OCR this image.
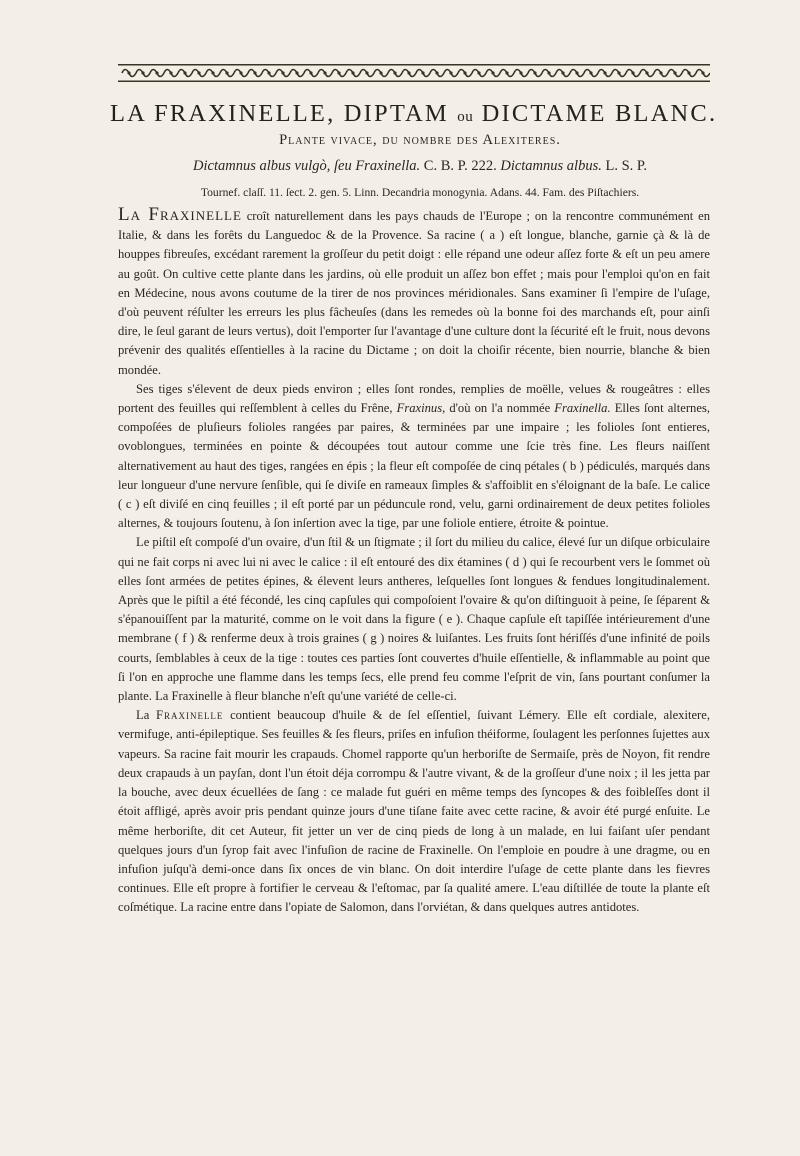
LA FRAXINELLE, DIPTAM ou DICTAME BLANC.
Plante vivace, du nombre des Alexiteres.
Dictamnus albus vulgò, ſeu Fraxinella. C. B. P. 222. Dictamnus albus. L. S. P.
Tournef. claſſ. 11. ſect. 2. gen. 5. Linn. Decandria monogynia. Adans. 44. Fam. des Piſtachiers.

La Fraxinelle croît naturellement dans les pays chauds de l'Europe ; on la rencontre communément en Italie, & dans les forêts du Languedoc & de la Provence. Sa racine ( a ) eſt longue, blanche, garnie çà & là de houppes fibreuſes, excédant rarement la groſſeur du petit doigt : elle répand une odeur aſſez forte & eſt un peu amere au goût. On cultive cette plante dans les jardins, où elle produit un aſſez bon effet ; mais pour l'emploi qu'on en fait en Médecine, nous avons coutume de la tirer de nos provinces méridionales. Sans examiner ſi l'empire de l'uſage, d'où peuvent réſulter les erreurs les plus fâcheuſes (dans les remedes où la bonne foi des marchands eſt, pour ainſi dire, le ſeul garant de leurs vertus), doit l'emporter ſur l'avantage d'une culture dont la ſécurité eſt le fruit, nous devons prévenir des qualités eſſentielles à la racine du Dictame ; on doit la choiſir récente, bien nourrie, blanche & bien mondée.

Ses tiges s'élevent de deux pieds environ ; elles ſont rondes, remplies de moëlle, velues & rougeâtres : elles portent des feuilles qui reſſemblent à celles du Frêne, Fraxinus, d'où on l'a nommée Fraxinella. Elles ſont alternes, compoſées de pluſieurs folioles rangées par paires, & terminées par une impaire ; les folioles ſont entieres, ovoblongues, terminées en pointe & découpées tout autour comme une ſcie très fine. Les fleurs naiſſent alternativement au haut des tiges, rangées en épis ; la fleur eſt compoſée de cinq pétales ( b ) pédiculés, marqués dans leur longueur d'une nervure ſenſible, qui ſe diviſe en rameaux ſimples & s'affoiblit en s'éloignant de la baſe. Le calice ( c ) eſt diviſé en cinq feuilles ; il eſt porté par un péduncule rond, velu, garni ordinairement de deux petites folioles alternes, & toujours ſoutenu, à ſon inſertion avec la tige, par une foliole entiere, étroite & pointue.

Le piſtil eſt compoſé d'un ovaire, d'un ſtil & un ſtigmate ; il ſort du milieu du calice, élevé ſur un diſque orbiculaire qui ne fait corps ni avec lui ni avec le calice : il eſt entouré des dix étamines ( d ) qui ſe recourbent vers le ſommet où elles ſont armées de petites épines, & élevent leurs antheres, leſquelles ſont longues & fendues longitudinalement. Après que le piſtil a été fécondé, les cinq capſules qui compoſoient l'ovaire & qu'on diſtinguoit à peine, ſe ſéparent & s'épanouiſſent par la maturité, comme on le voit dans la figure ( e ). Chaque capſule eſt tapiſſée intérieurement d'une membrane ( f ) & renferme deux à trois graines ( g ) noires & luiſantes. Les fruits ſont hériſſés d'une infinité de poils courts, ſemblables à ceux de la tige : toutes ces parties ſont couvertes d'huile eſſentielle, & inflammable au point que ſi l'on en approche une flamme dans les temps ſecs, elle prend feu comme l'eſprit de vin, ſans pourtant conſumer la plante. La Fraxinelle à fleur blanche n'eſt qu'une variété de celle-ci.

La Fraxinelle contient beaucoup d'huile & de ſel eſſentiel, ſuivant Lémery. Elle eſt cordiale, alexitere, vermifuge, anti-épileptique. Ses feuilles & ſes fleurs, priſes en infuſion théiforme, ſoulagent les perſonnes ſujettes aux vapeurs. Sa racine fait mourir les crapauds. Chomel rapporte qu'un herboriſte de Sermaiſe, près de Noyon, fit rendre deux crapauds à un payſan, dont l'un étoit déja corrompu & l'autre vivant, & de la groſſeur d'une noix ; il les jetta par la bouche, avec deux écuellées de ſang : ce malade fut guéri en même temps des ſyncopes & des foibleſſes dont il étoit affligé, après avoir pris pendant quinze jours d'une tiſane faite avec cette racine, & avoir été purgé enſuite. Le même herboriſte, dit cet Auteur, fit jetter un ver de cinq pieds de long à un malade, en lui faiſant uſer pendant quelques jours d'un ſyrop fait avec l'infuſion de racine de Fraxinelle. On l'emploie en poudre à une dragme, ou en infuſion juſqu'à demi-once dans ſix onces de vin blanc. On doit interdire l'uſage de cette plante dans les fievres continues. Elle eſt propre à fortifier le cerveau & l'eſtomac, par ſa qualité amere. L'eau diſtillée de toute la plante eſt coſmétique. La racine entre dans l'opiate de Salomon, dans l'orviétan, & dans quelques autres antidotes.
